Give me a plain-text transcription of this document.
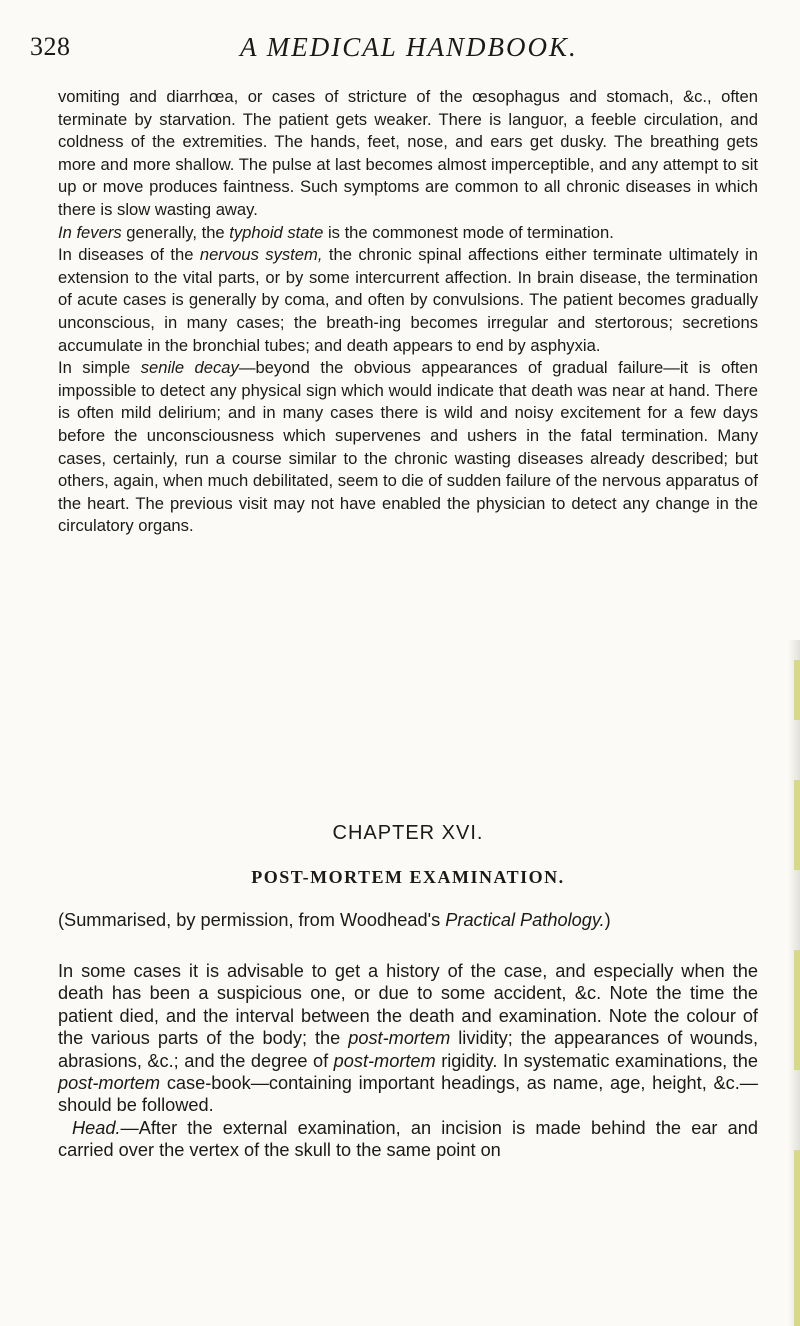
328	A MEDICAL HANDBOOK.

vomiting and diarrhœa, or cases of stricture of the œsophagus and stomach, &c., often terminate by starvation. The patient gets weaker. There is languor, a feeble circulation, and coldness of the extremities. The hands, feet, nose, and ears get dusky. The breathing gets more and more shallow. The pulse at last becomes almost imperceptible, and any attempt to sit up or move produces faintness. Such symptoms are common to all chronic diseases in which there is slow wasting away.

In fevers generally, the typhoid state is the commonest mode of termination.

In diseases of the nervous system, the chronic spinal affections either terminate ultimately in extension to the vital parts, or by some intercurrent affection. In brain disease, the termination of acute cases is generally by coma, and often by convulsions. The patient becomes gradually unconscious, in many cases; the breath-ing becomes irregular and stertorous; secretions accumulate in the bronchial tubes; and death appears to end by asphyxia.

In simple senile decay—beyond the obvious appearances of gradual failure—it is often impossible to detect any physical sign which would indicate that death was near at hand. There is often mild delirium; and in many cases there is wild and noisy excitement for a few days before the unconsciousness which supervenes and ushers in the fatal termination. Many cases, certainly, run a course similar to the chronic wasting diseases already described; but others, again, when much debilitated, seem to die of sudden failure of the nervous apparatus of the heart. The previous visit may not have enabled the physician to detect any change in the circulatory organs.

CHAPTER XVI.
POST-MORTEM EXAMINATION.
(Summarised, by permission, from Woodhead's Practical Pathology.)

In some cases it is advisable to get a history of the case, and especially when the death has been a suspicious one, or due to some accident, &c. Note the time the patient died, and the interval between the death and examination. Note the colour of the various parts of the body; the post-mortem lividity; the appearances of wounds, abrasions, &c.; and the degree of post-mortem rigidity. In systematic examinations, the post-mortem case-book—containing important headings, as name, age, height, &c.—should be followed.

Head.—After the external examination, an incision is made behind the ear and carried over the vertex of the skull to the same point on
